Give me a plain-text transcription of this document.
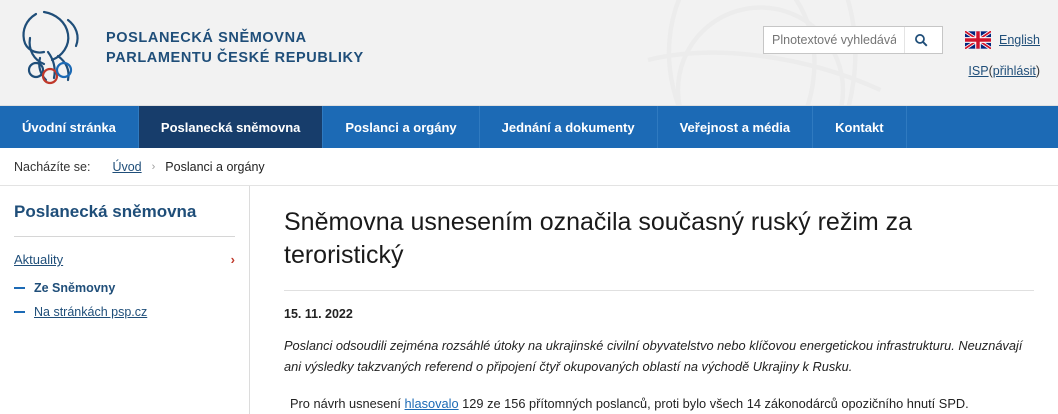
POSLANECKÁ SNĚMOVNA
PARLAMENTU ČESKÉ REPUBLIKY
Plnotextové vyhledávání
English
ISP(přihlásit)
Úvodní stránka	Poslanecká sněmovna	Poslanci a orgány	Jednání a dokumenty	Veřejnost a média	Kontakt
Nacházíte se: Úvod › Poslanci a orgány
Poslanecká sněmovna
Aktuality	›
Ze Sněmovny
Na stránkách psp.cz
Sněmovna usnesením označila současný ruský režim za teroristický
15. 11. 2022

Poslanci odsoudili zejména rozsáhlé útoky na ukrajinské civilní obyvatelstvo nebo klíčovou energetickou infrastrukturu. Neuznávají ani výsledky takzvaných referend o připojení čtyř okupovaných oblastí na východě Ukrajiny k Rusku.

Pro návrh usnesení hlasovalo 129 ze 156 přítomných poslanců, proti bylo všech 14 zákonodárců opozičního hnutí SPD.
